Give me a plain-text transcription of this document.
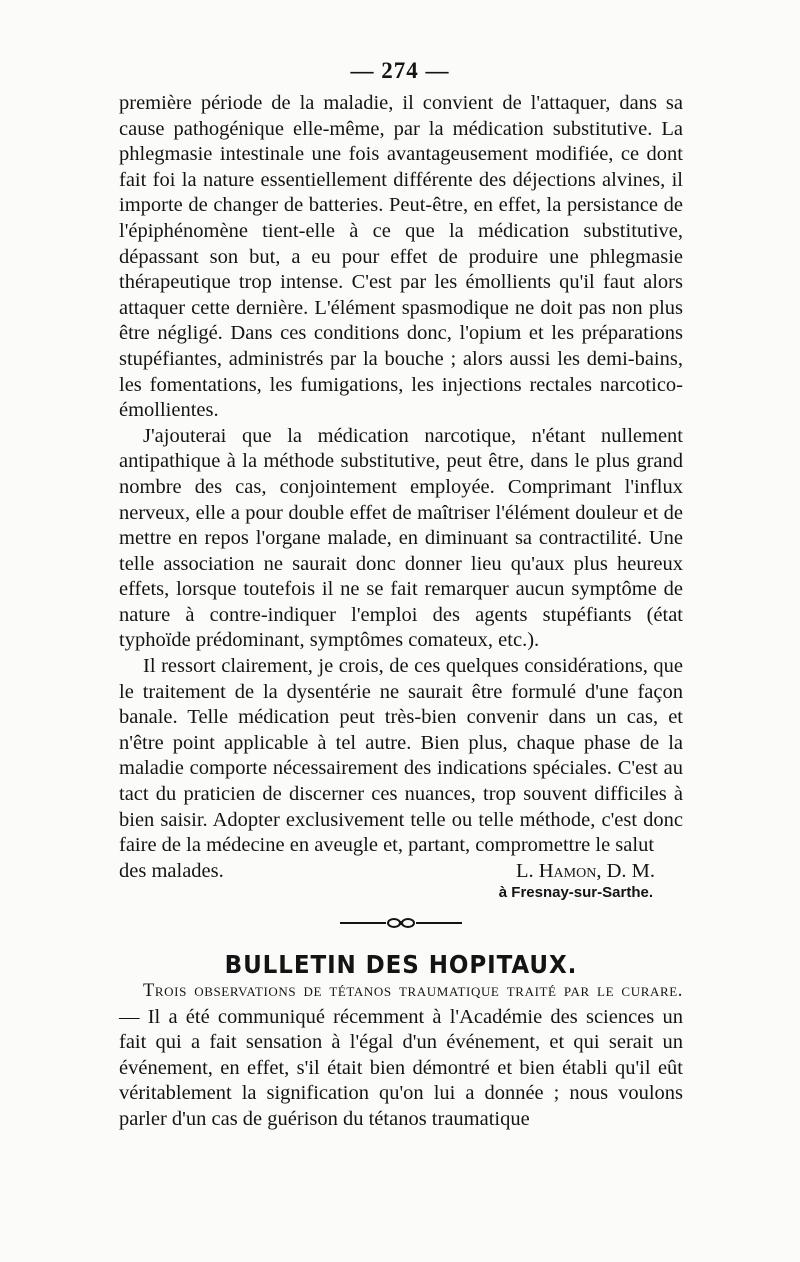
— 274 —

première période de la maladie, il convient de l'attaquer, dans sa cause pathogénique elle-même, par la médication substitutive. La phlegmasie intestinale une fois avantageusement modifiée, ce dont fait foi la nature essentiellement différente des déjections alvines, il importe de changer de batteries. Peut-être, en effet, la persistance de l'épiphénomène tient-elle à ce que la médication substitutive, dépassant son but, a eu pour effet de produire une phlegmasie thérapeutique trop intense. C'est par les émollients qu'il faut alors attaquer cette dernière. L'élément spasmodique ne doit pas non plus être négligé. Dans ces conditions donc, l'opium et les préparations stupéfiantes, administrés par la bouche ; alors aussi les demi-bains, les fomentations, les fumigations, les injections rectales narcotico-émollientes.

J'ajouterai que la médication narcotique, n'étant nullement antipathique à la méthode substitutive, peut être, dans le plus grand nombre des cas, conjointement employée. Comprimant l'influx nerveux, elle a pour double effet de maîtriser l'élément douleur et de mettre en repos l'organe malade, en diminuant sa contractilité. Une telle association ne saurait donc donner lieu qu'aux plus heureux effets, lorsque toutefois il ne se fait remarquer aucun symptôme de nature à contre-indiquer l'emploi des agents stupéfiants (état typhoïde prédominant, symptômes comateux, etc.).

Il ressort clairement, je crois, de ces quelques considérations, que le traitement de la dysentérie ne saurait être formulé d'une façon banale. Telle médication peut très-bien convenir dans un cas, et n'être point applicable à tel autre. Bien plus, chaque phase de la maladie comporte nécessairement des indications spéciales. C'est au tact du praticien de discerner ces nuances, trop souvent difficiles à bien saisir. Adopter exclusivement telle ou telle méthode, c'est donc faire de la médecine en aveugle et, partant, compromettre le salut

des malades.	L. Hamon, D. M.
à Fresnay-sur-Sarthe.
BULLETIN DES HOPITAUX.

Trois observations de tétanos traumatique traité par le curare. — Il a été communiqué récemment à l'Académie des sciences un fait qui a fait sensation à l'égal d'un événement, et qui serait un événement, en effet, s'il était bien démontré et bien établi qu'il eût véritablement la signification qu'on lui a donnée ; nous voulons parler d'un cas de guérison du tétanos traumatique
